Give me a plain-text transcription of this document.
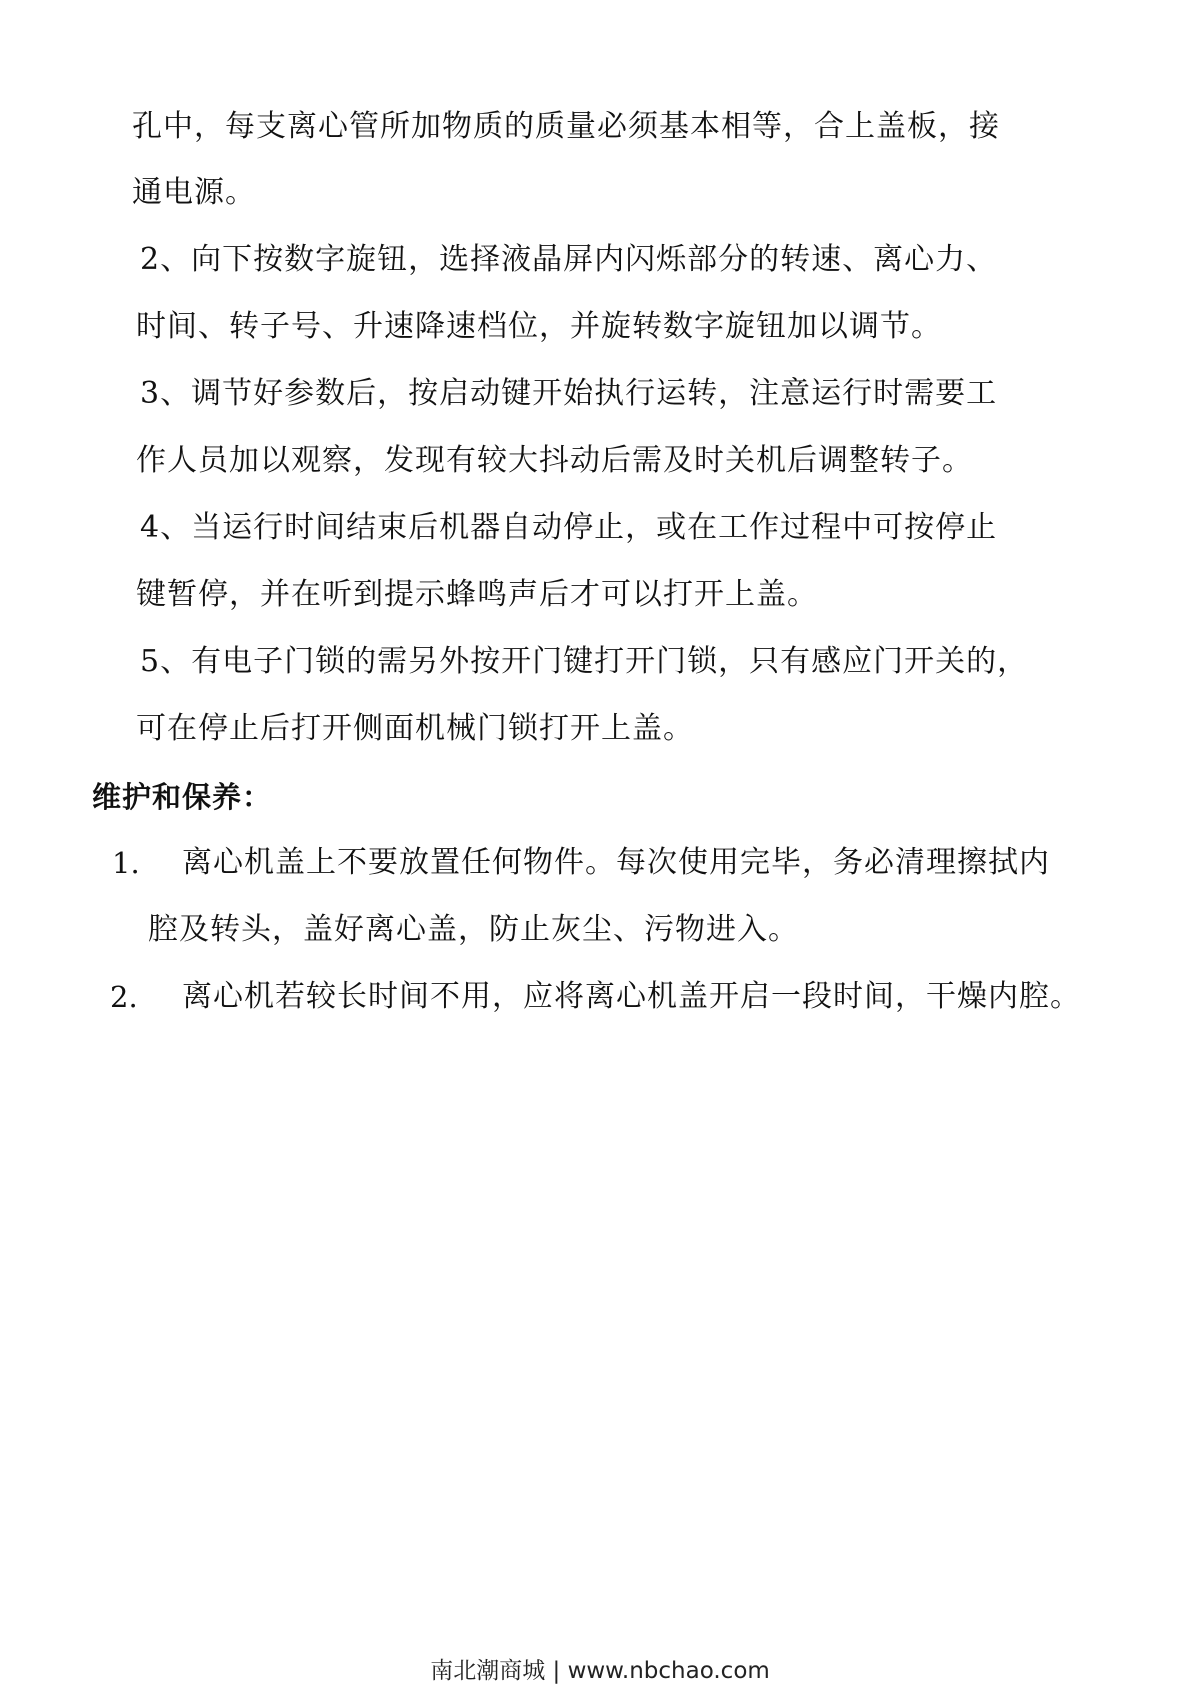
孔中，每支离心管所加物质的质量必须基本相等，合上盖板，接
通电源。
2、向下按数字旋钮，选择液晶屏内闪烁部分的转速、离心力、
时间、转子号、升速降速档位，并旋转数字旋钮加以调节。
3、调节好参数后，按启动键开始执行运转，注意运行时需要工
作人员加以观察，发现有较大抖动后需及时关机后调整转子。
4、当运行时间结束后机器自动停止，或在工作过程中可按停止
键暂停，并在听到提示蜂鸣声后才可以打开上盖。
5、有电子门锁的需另外按开门键打开门锁，只有感应门开关的，
可在停止后打开侧面机械门锁打开上盖。
维护和保养：
1. 离心机盖上不要放置任何物件。每次使用完毕，务必清理擦拭内
腔及转头，盖好离心盖，防止灰尘、污物进入。
2. 离心机若较长时间不用，应将离心机盖开启一段时间，干燥内腔。
南北潮商城 | www.nbchao.com
